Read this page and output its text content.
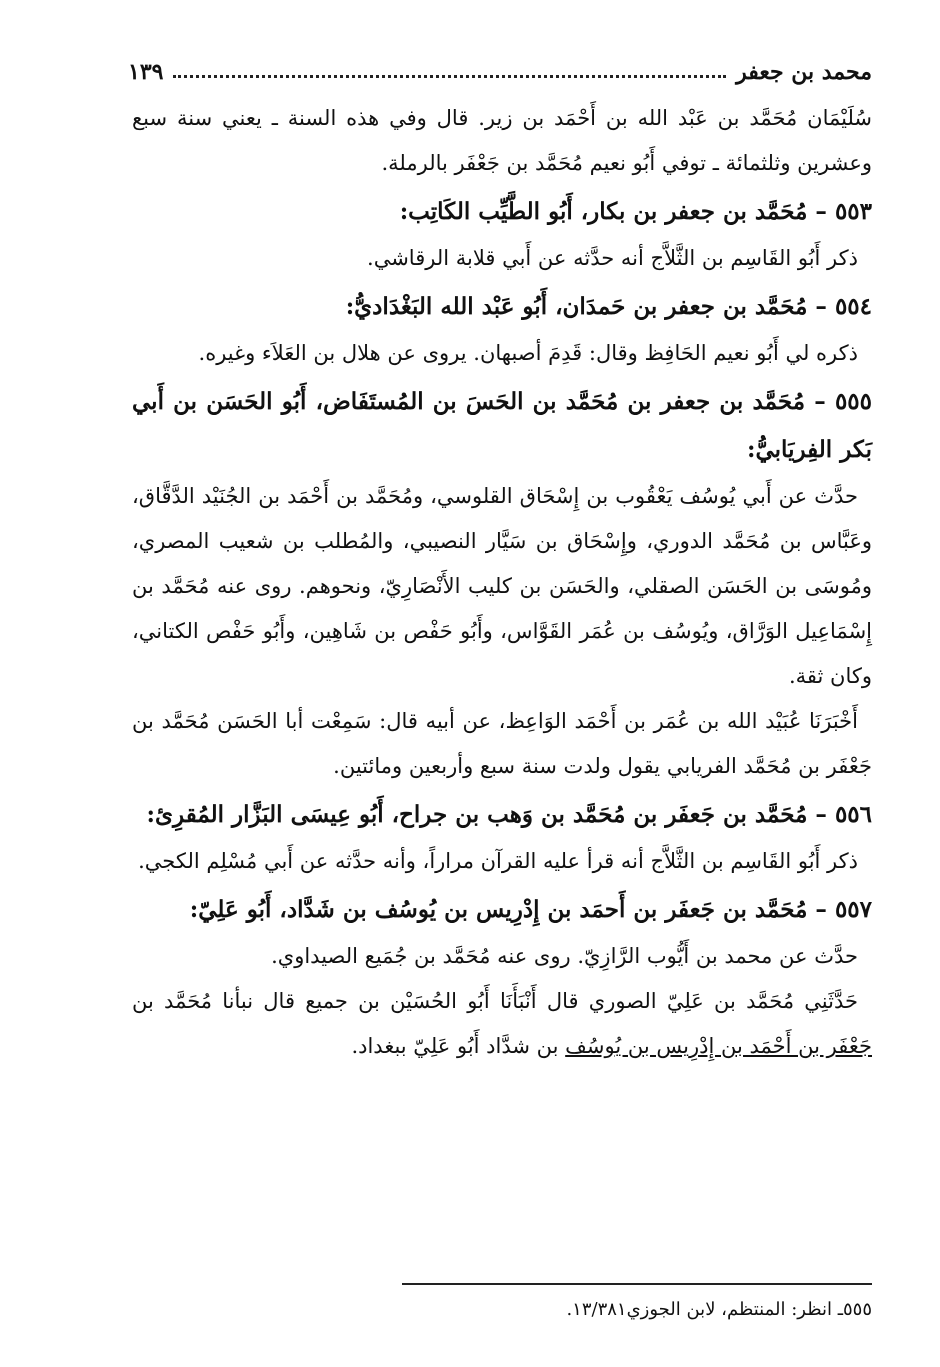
محمد بن جعفر
١٣٩

سُلَيْمَان مُحَمَّد بن عَبْد الله بن أَحْمَد بن زير. قال وفي هذه السنة ـ يعني سنة سبع وعشرين وثلثمائة ـ توفي أَبُو نعيم مُحَمَّد بن جَعْفَر بالرملة.

٥٥٣ – مُحَمَّد بن جعفر بن بكار، أَبُو الطَّيِّب الكَاتِب:

ذكر أَبُو القَاسِم بن الثَّلاَّج أنه حدَّثه عن أَبي قلابة الرقاشي.

٥٥٤ – مُحَمَّد بن جعفر بن حَمدَان، أَبُو عَبْد الله البَغْدَاديُّ:

ذكره لي أَبُو نعيم الحَافِظ وقال: قَدِمَ أصبهان. يروى عن هلال بن العَلاَء وغيره.

٥٥٥ – مُحَمَّد بن جعفر بن مُحَمَّد بن الحَسَ بن المُستَفَاض، أَبُو الحَسَن بن أَبي بَكر الفِريَابيُّ:

حدَّث عن أَبي يُوسُف يَعْقُوب بن إِسْحَاق القلوسي، ومُحَمَّد بن أَحْمَد بن الجُنَيْد الدَّقَّاق، وعَبَّاس بن مُحَمَّد الدوري، وإِسْحَاق بن سَيَّار النصيبي، والمُطلب بن شعيب المصري، ومُوسَى بن الحَسَن الصقلي، والحَسَن بن كليب الأَنْصَارِيّ، ونحوهم. روى عنه مُحَمَّد بن إِسْمَاعِيل الوَرَّاق، ويُوسُف بن عُمَر القَوَّاس، وأَبُو حَفْص بن شَاهِين، وأَبُو حَفْص الكتاني، وكان ثقة.

أَخْبَرَنَا عُبَيْد الله بن عُمَر بن أَحْمَد الوَاعِظ، عن أبيه قال: سَمِعْت أبا الحَسَن مُحَمَّد بن جَعْفَر بن مُحَمَّد الفريابي يقول ولدت سنة سبع وأربعين ومائتين.

٥٥٦ – مُحَمَّد بن جَعفَر بن مُحَمَّد بن وَهب بن جراح، أَبُو عِيسَى البَزَّار المُقرِئ:

ذكر أَبُو القَاسِم بن الثَّلاَّج أنه قرأ عليه القرآن مراراً، وأنه حدَّثه عن أَبي مُسْلِم الكجي.

٥٥٧ – مُحَمَّد بن جَعفَر بن أَحمَد بن إِدْرِيس بن يُوسُف بن شَدَّاد، أَبُو عَلِيّ:

حدَّث عن محمد بن أَيُّوب الرَّازِيّ. روى عنه مُحَمَّد بن جُمَيع الصيداوي.

حَدَّثَنِي مُحَمَّد بن عَلِيّ الصوري قال أَنْبَأَنَا أَبُو الحُسَيْن بن جميع قال نبأنا مُحَمَّد بن جَعْفَر بن أَحْمَد بن إِدْرِيس بن يُوسُف بن شدَّاد أَبُو عَلِيّ ببغداد.

٥٥٥ـ انظر: المنتظم، لابن الجوزي١٣/٣٨١.
